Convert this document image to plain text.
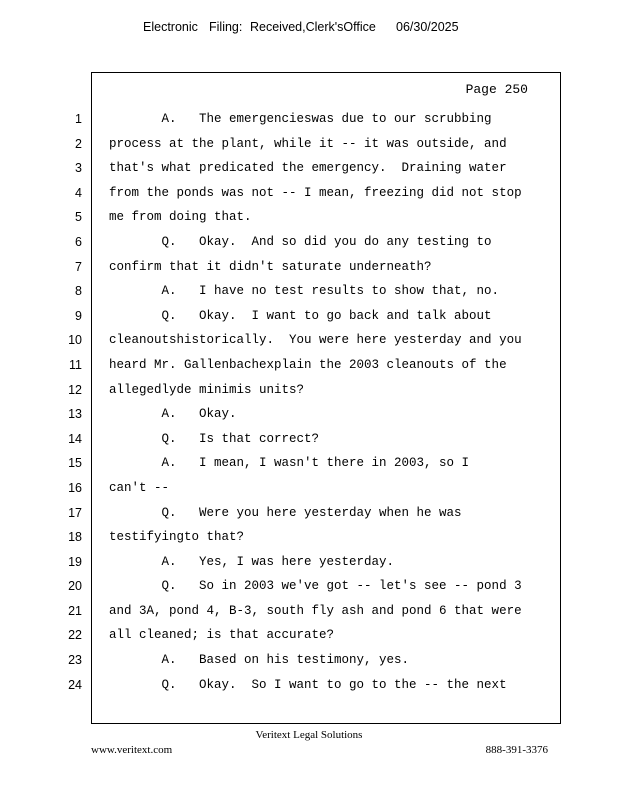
Electronic Filing: Received,Clerk'sOffice 06/30/2025
Page 250
1
2
3
4
5
6
7
8
9
10
11
12
13
14
15
16
17
18
19
20
21
22
23
24
A.   The emergencieswas due to our scrubbing
process at the plant, while it -- it was outside, and
that's what predicated the emergency.  Draining water
from the ponds was not -- I mean, freezing did not stop
me from doing that.
Q.   Okay.  And so did you do any testing to
confirm that it didn't saturate underneath?
A.   I have no test results to show that, no.
Q.   Okay.  I want to go back and talk about
cleanoutshistorically.  You were here yesterday and you
heard Mr. Gallenbachexplain the 2003 cleanouts of the
allegedlyde minimis units?
A.   Okay.
Q.   Is that correct?
A.   I mean, I wasn't there in 2003, so I
can't --
Q.   Were you here yesterday when he was
testifyingto that?
A.   Yes, I was here yesterday.
Q.   So in 2003 we've got -- let's see -- pond 3
and 3A, pond 4, B-3, south fly ash and pond 6 that were
all cleaned; is that accurate?
A.   Based on his testimony, yes.
Q.   Okay.  So I want to go to the -- the next
Veritext Legal Solutions
www.veritext.com	888-391-3376
